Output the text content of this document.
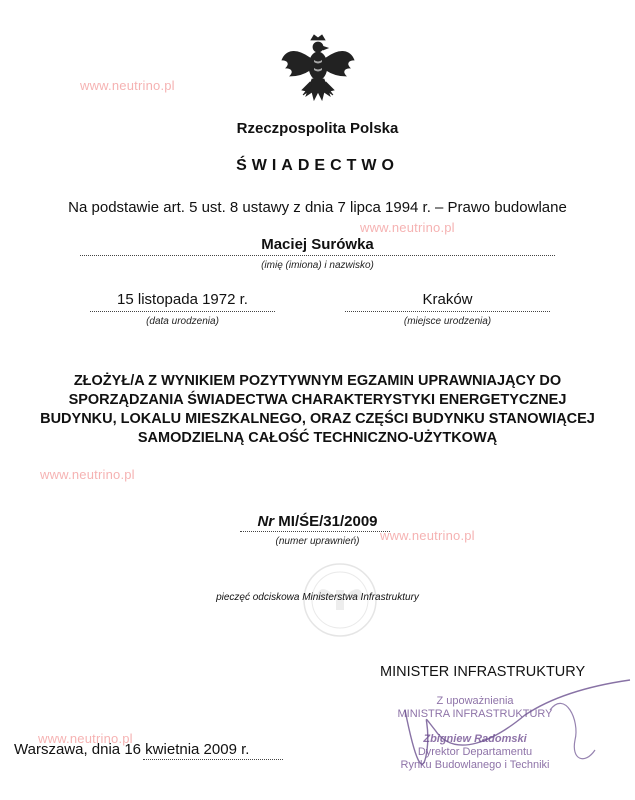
www.neutrino.pl
www.neutrino.pl
www.neutrino.pl
www.neutrino.pl
www.neutrino.pl
Rzeczpospolita Polska
ŚWIADECTWO
Na podstawie art. 5 ust. 8 ustawy z dnia 7 lipca 1994 r. – Prawo budowlane
Maciej Surówka
(imię (imiona) i nazwisko)
15 listopada 1972 r.
(data urodzenia)
Kraków
(miejsce urodzenia)
ZŁOŻYŁ/A Z WYNIKIEM POZYTYWNYM EGZAMIN UPRAWNIAJĄCY DO SPORZĄDZANIA ŚWIADECTWA CHARAKTERYSTYKI ENERGETYCZNEJ BUDYNKU, LOKALU MIESZKALNEGO, ORAZ CZĘŚCI BUDYNKU STANOWIĄCEJ SAMODZIELNĄ CAŁOŚĆ TECHNICZNO-UŻYTKOWĄ
Nr MI/ŚE/31/2009
(numer uprawnień)
pieczęć odciskowa Ministerstwa Infrastruktury
MINISTER INFRASTRUKTURY
Z upoważnienia
MINISTRA INFRASTRUKTURY
Zbigniew Radomski
Dyrektor Departamentu
Rynku Budowlanego i Techniki
Warszawa, dnia 16 kwietnia 2009 r.
